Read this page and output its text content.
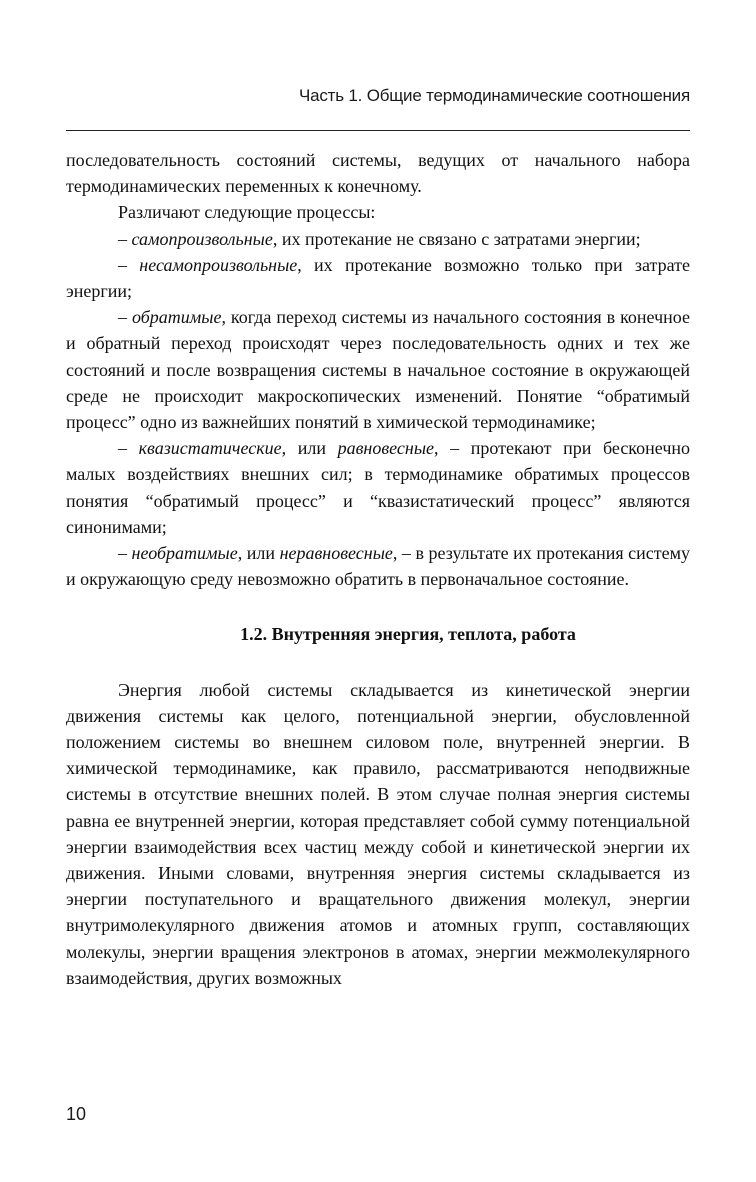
Часть 1. Общие термодинамические соотношения

последовательность состояний системы, ведущих от начального набора термодинамических переменных к конечному.

Различают следующие процессы:

– самопроизвольные, их протекание не связано с затратами энергии;

– несамопроизвольные, их протекание возможно только при затрате энергии;

– обратимые, когда переход системы из начального состояния в конечное и обратный переход происходят через последовательность одних и тех же состояний и после возвращения системы в начальное состояние в окружающей среде не происходит макроскопических изменений. Понятие “обратимый процесс” одно из важнейших понятий в химической термодинамике;

– квазистатические, или равновесные, – протекают при бесконечно малых воздействиях внешних сил; в термодинамике обратимых процессов понятия “обратимый процесс” и “квазистатический процесс” являются синонимами;

– необратимые, или неравновесные, – в результате их протекания систему и окружающую среду невозможно обратить в первоначальное состояние.

1.2. Внутренняя энергия, теплота, работа

Энергия любой системы складывается из кинетической энергии движения системы как целого, потенциальной энергии, обусловленной положением системы во внешнем силовом поле, внутренней энергии. В химической термодинамике, как правило, рассматриваются неподвижные системы в отсутствие внешних полей. В этом случае полная энергия системы равна ее внутренней энергии, которая представляет собой сумму потенциальной энергии взаимодействия всех частиц между собой и кинетической энергии их движения. Иными словами, внутренняя энергия системы складывается из энергии поступательного и вращательного движения молекул, энергии внутримолекулярного движения атомов и атомных групп, составляющих молекулы, энергии вращения электронов в атомах, энергии межмолекулярного взаимодействия, других возможных

10
